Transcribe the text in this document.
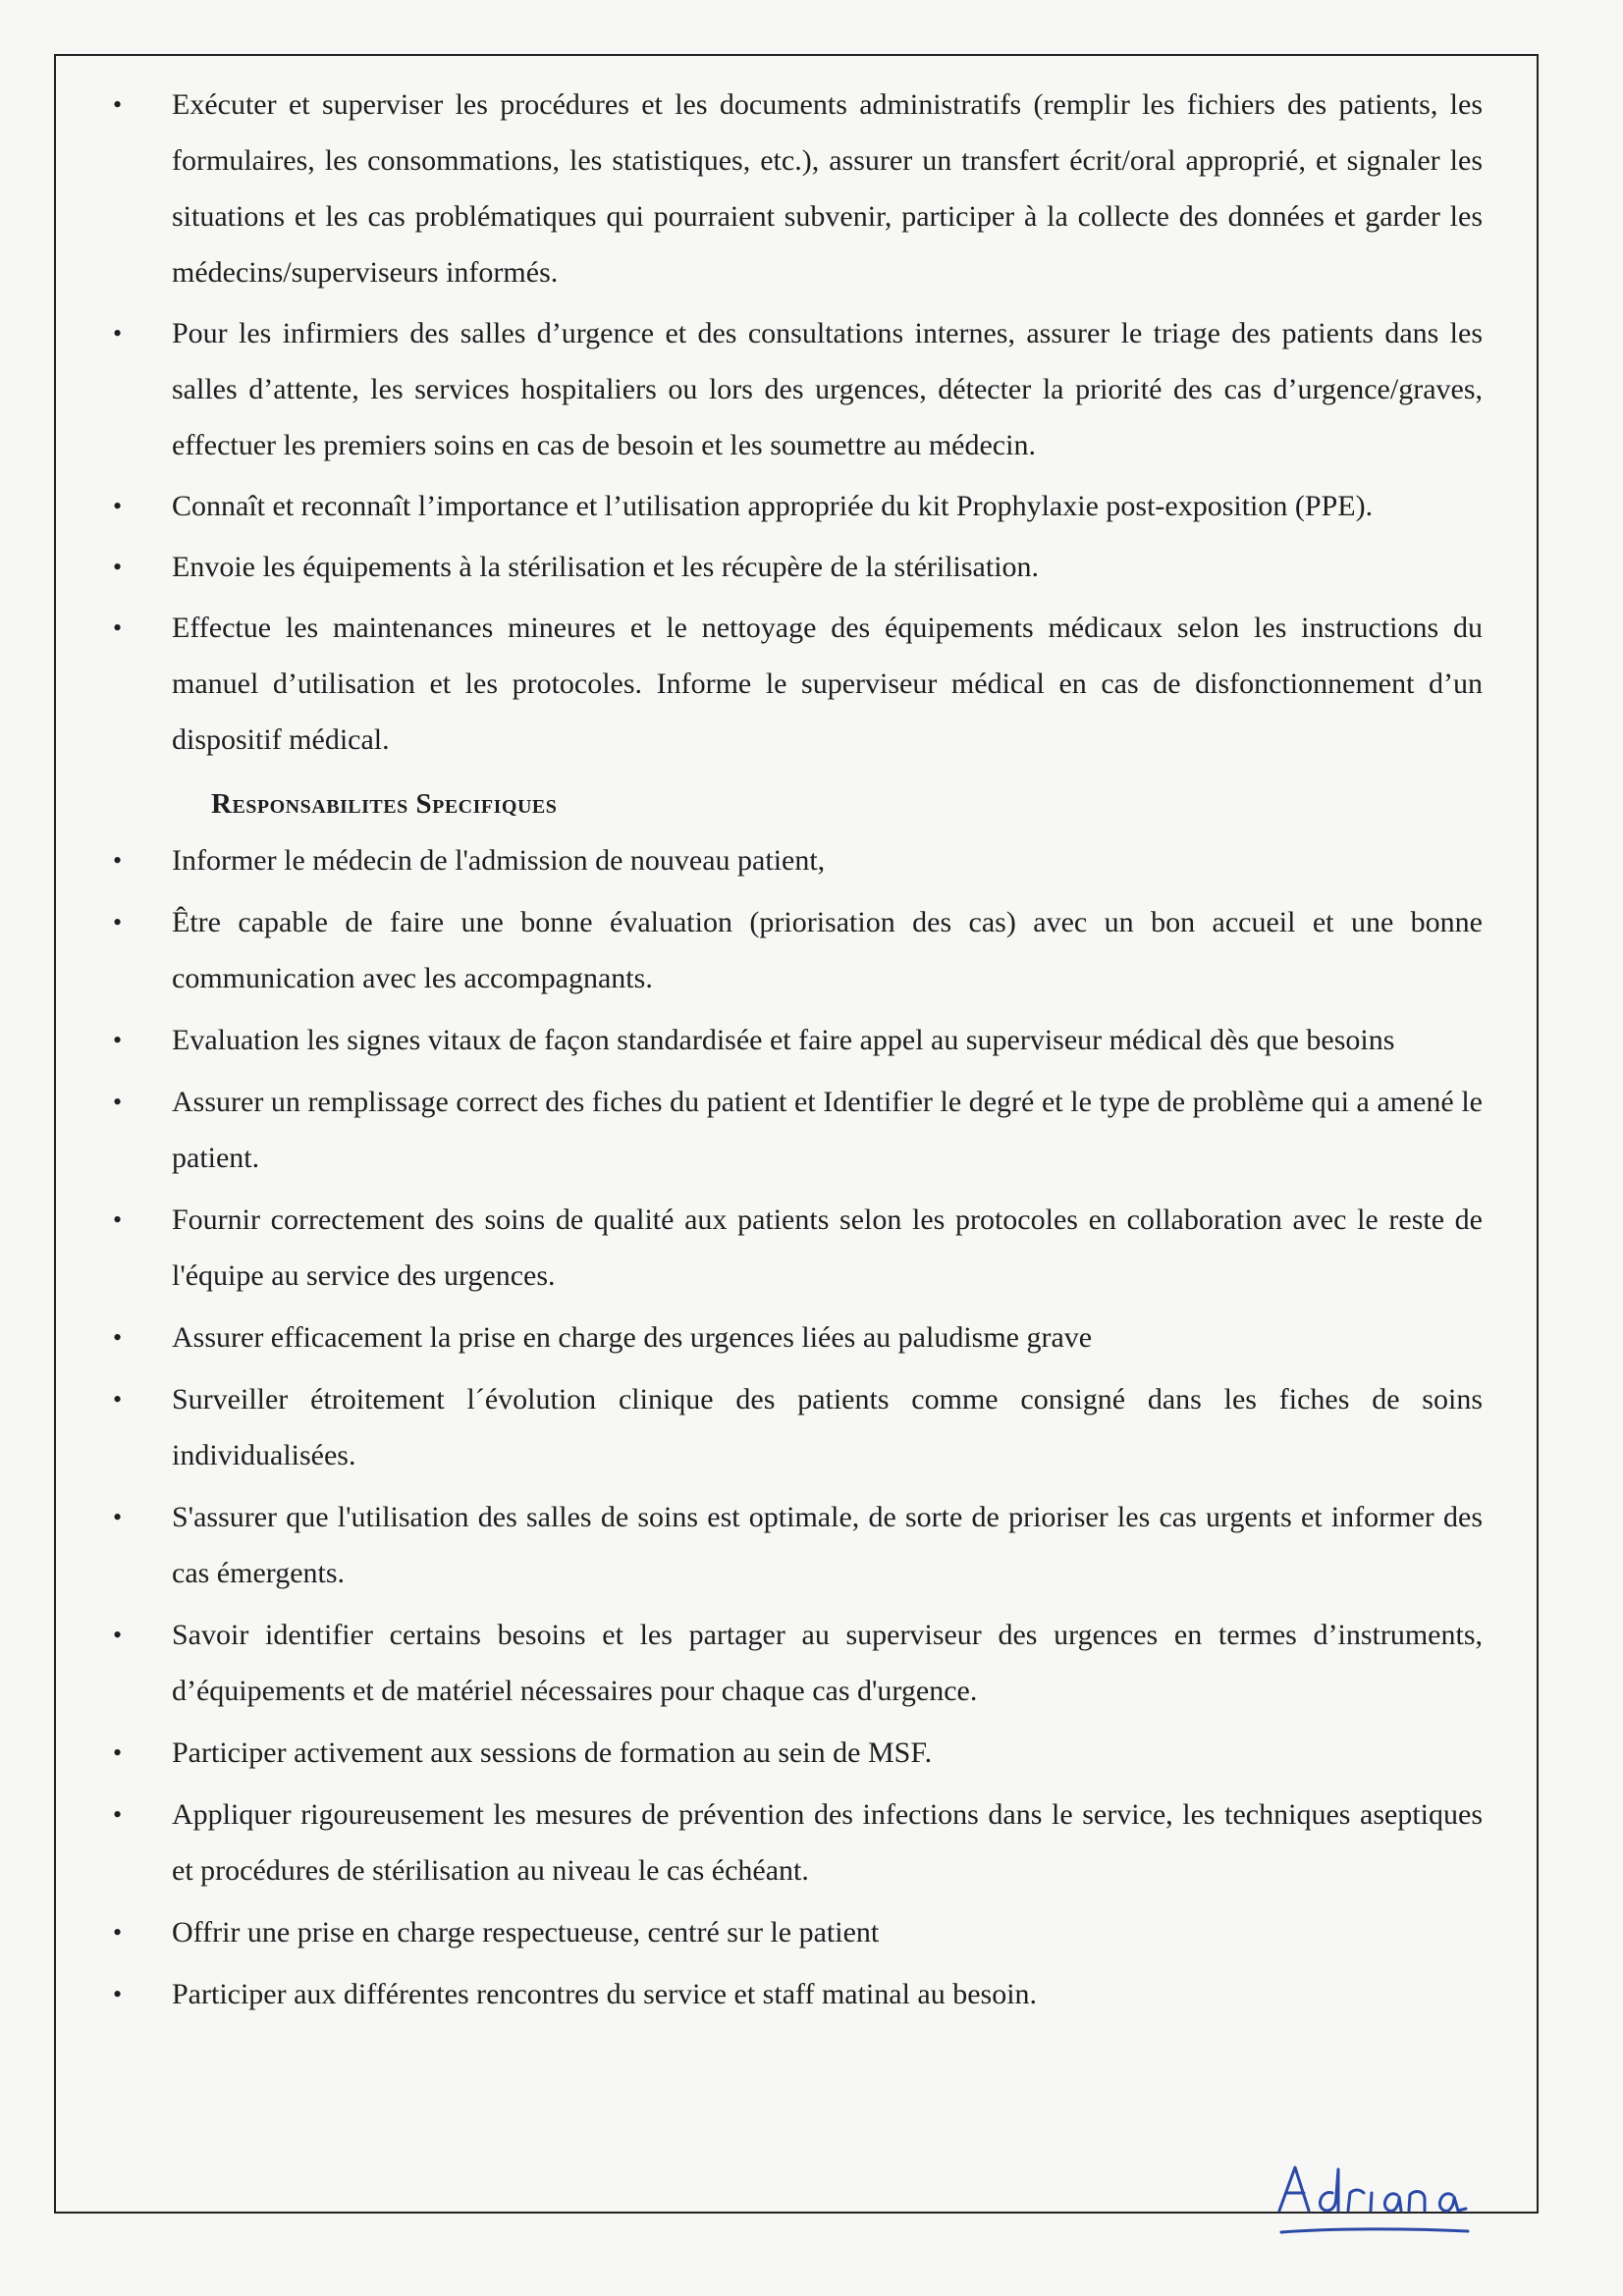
• Exécuter et superviser les procédures et les documents administratifs (remplir les fichiers des patients, les formulaires, les consommations, les statistiques, etc.), assurer un transfert écrit/oral approprié, et signaler les situations et les cas problématiques qui pourraient subvenir, participer à la collecte des données et garder les médecins/superviseurs informés.
• Pour les infirmiers des salles d’urgence et des consultations internes, assurer le triage des patients dans les salles d’attente, les services hospitaliers ou lors des urgences, détecter la priorité des cas d’urgence/graves, effectuer les premiers soins en cas de besoin et les soumettre au médecin.
• Connaît et reconnaît l’importance et l’utilisation appropriée du kit Prophylaxie post-exposition (PPE).
• Envoie les équipements à la stérilisation et les récupère de la stérilisation.
• Effectue les maintenances mineures et le nettoyage des équipements médicaux selon les instructions du manuel d’utilisation et les protocoles. Informe le superviseur médical en cas de disfonctionnement d’un dispositif médical.
Responsabilites Specifiques
• Informer le médecin de l'admission de nouveau patient,
• Être capable de faire une bonne évaluation (priorisation des cas) avec un bon accueil et une bonne communication avec les accompagnants.
• Evaluation les signes vitaux de façon standardisée et faire appel au superviseur médical dès que besoins
• Assurer un remplissage correct des fiches du patient et Identifier le degré et le type de problème qui a amené le patient.
• Fournir correctement des soins de qualité aux patients selon les protocoles en collaboration avec le reste de l'équipe au service des urgences.
• Assurer efficacement la prise en charge des urgences liées au paludisme grave
• Surveiller étroitement l´évolution clinique des patients comme consigné dans les fiches de soins individualisées.
• S'assurer que l'utilisation des salles de soins est optimale, de sorte de prioriser les cas urgents et informer des cas émergents.
• Savoir identifier certains besoins et les partager au superviseur des urgences en termes d’instruments, d’équipements et de matériel nécessaires pour chaque cas d'urgence.
• Participer activement aux sessions de formation au sein de MSF.
• Appliquer rigoureusement les mesures de prévention des infections dans le service, les techniques aseptiques et procédures de stérilisation au niveau le cas échéant.
• Offrir une prise en charge respectueuse, centré sur le patient
• Participer aux différentes rencontres du service et staff matinal au besoin.
